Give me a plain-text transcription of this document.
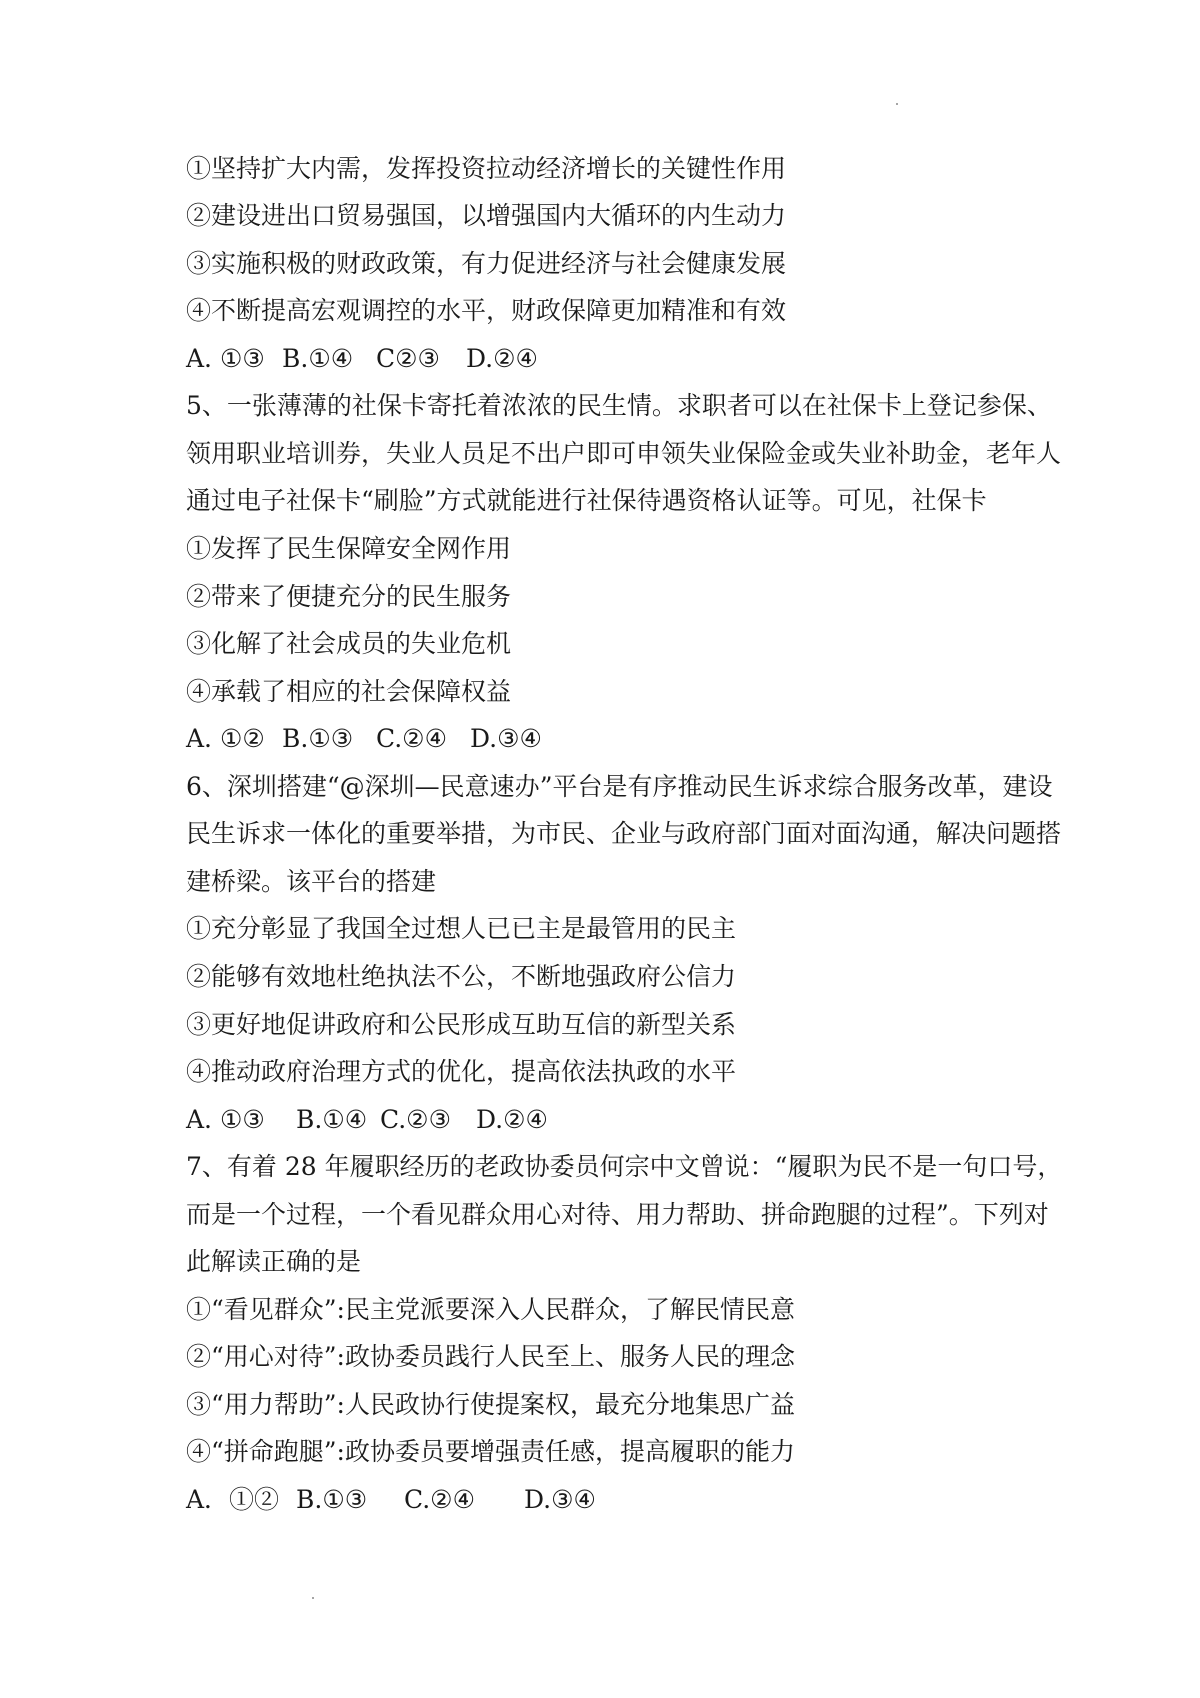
①坚持扩大内需，发挥投资拉动经济增长的关键性作用
②建设进出口贸易强国，以增强国内大循环的内生动力
③实施积极的财政政策，有力促进经济与社会健康发展
④不断提高宏观调控的水平，财政保障更加精准和有效
A. ①③ B.①④ C②③ D.②④
5、一张薄薄的社保卡寄托着浓浓的民生情。求职者可以在社保卡上登记参保、
领用职业培训券，失业人员足不出户即可申领失业保险金或失业补助金，老年人
通过电子社保卡“刷脸”方式就能进行社保待遇资格认证等。可见，社保卡
①发挥了民生保障安全网作用
②带来了便捷充分的民生服务
③化解了社会成员的失业危机
④承载了相应的社会保障权益
A. ①② B.①③ C.②④ D.③④
6、深圳搭建“@深圳—民意速办”平台是有序推动民生诉求综合服务改革，建设
民生诉求一体化的重要举措，为市民、企业与政府部门面对面沟通，解决问题搭
建桥梁。该平台的搭建
①充分彰显了我国全过想人已已主是最管用的民主
②能够有效地杜绝执法不公，不断地强政府公信力
③更好地促讲政府和公民形成互助互信的新型关系
④推动政府治理方式的优化，提高依法执政的水平
A. ①③ B.①④ C.②③ D.②④
7、有着 28 年履职经历的老政协委员何宗中文曾说：“履职为民不是一句口号，
而是一个过程，一个看见群众用心对待、用力帮助、拼命跑腿的过程”。下列对
此解读正确的是
①“看见群众”:民主党派要深入人民群众，了解民情民意
②“用心对待”:政协委员践行人民至上、服务人民的理念
③“用力帮助”:人民政协行使提案权，最充分地集思广益
④“拼命跑腿”:政协委员要增强责任感，提高履职的能力
A．①② B.①③ C.②④ D.③④
